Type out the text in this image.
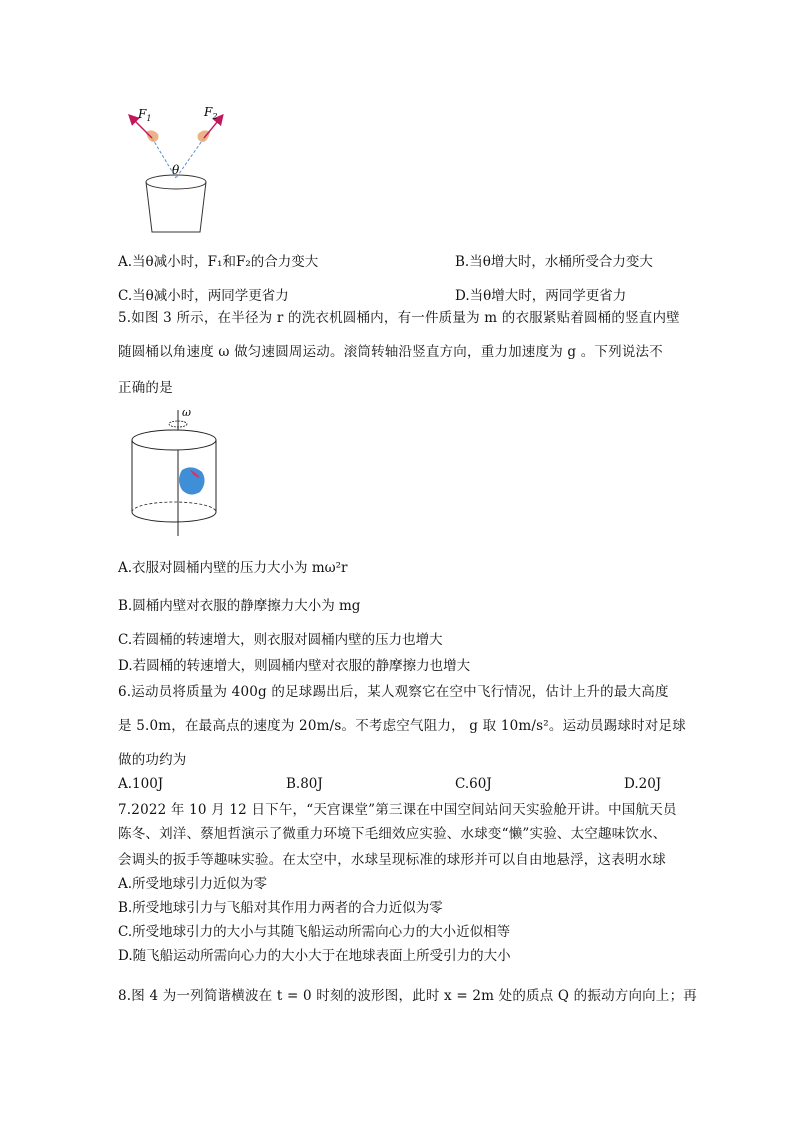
$F_1$	$F_2$
θ
A.当θ减小时，F₁和F₂的合力变大	B.当θ增大时，水桶所受合力变大
C.当θ减小时，两同学更省力	D.当θ增大时，两同学更省力
5.如图 3 所示，在半径为 r 的洗衣机圆桶内，有一件质量为 m 的衣服紧贴着圆桶的竖直内壁
随圆桶以角速度 ω 做匀速圆周运动。滚筒转轴沿竖直方向，重力加速度为 g 。下列说法不
正确的是
ω
A.衣服对圆桶内壁的压力大小为 mω²r
B.圆桶内壁对衣服的静摩擦力大小为 mg
C.若圆桶的转速增大，则衣服对圆桶内壁的压力也增大
D.若圆桶的转速增大，则圆桶内壁对衣服的静摩擦力也增大
6.运动员将质量为 400g 的足球踢出后，某人观察它在空中飞行情况，估计上升的最大高度
是 5.0m，在最高点的速度为 20m/s。不考虑空气阻力， g 取 10m/s²。运动员踢球时对足球
做的功约为
A.100J	B.80J	C.60J	D.20J
7.2022 年 10 月 12 日下午，“天宫课堂”第三课在中国空间站问天实验舱开讲。中国航天员
陈冬、刘洋、蔡旭哲演示了微重力环境下毛细效应实验、水球变“懒”实验、太空趣味饮水、
会调头的扳手等趣味实验。在太空中，水球呈现标准的球形并可以自由地悬浮，这表明水球
A.所受地球引力近似为零
B.所受地球引力与飞船对其作用力两者的合力近似为零
C.所受地球引力的大小与其随飞船运动所需向心力的大小近似相等
D.随飞船运动所需向心力的大小大于在地球表面上所受引力的大小
8.图 4 为一列简谐横波在 t = 0 时刻的波形图，此时 x = 2m 处的质点 Q 的振动方向向上；再
